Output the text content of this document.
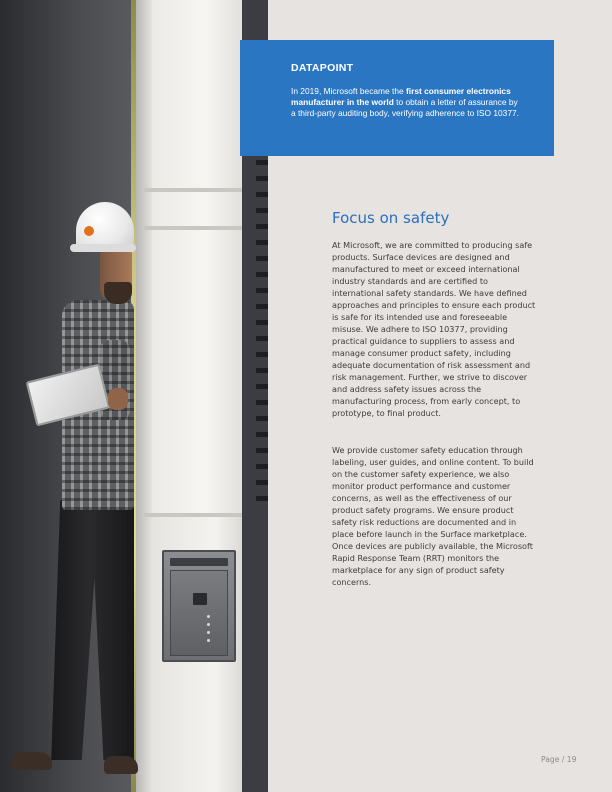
DATAPOINT
In 2019, Microsoft became the first consumer electronics manufacturer in the world to obtain a letter of assurance by a third-party auditing body, verifying adherence to ISO 10377.
Focus on safety

At Microsoft, we are committed to producing safe products. Surface devices are designed and manufactured to meet or exceed international industry standards and are certified to international safety standards. We have defined approaches and principles to ensure each product is safe for its intended use and foreseeable misuse. We adhere to ISO 10377, providing practical guidance to suppliers to assess and manage consumer product safety, including adequate documentation of risk assessment and risk management. Further, we strive to discover and address safety issues across the manufacturing process, from early concept, to prototype, to final product.

We provide customer safety education through labeling, user guides, and online content. To build on the customer safety experience, we also monitor product performance and customer concerns, as well as the effectiveness of our product safety programs. We ensure product safety risk reductions are documented and in place before launch in the Surface marketplace. Once devices are publicly available, the Microsoft Rapid Response Team (RRT) monitors the marketplace for any sign of product safety concerns.

Page / 19
